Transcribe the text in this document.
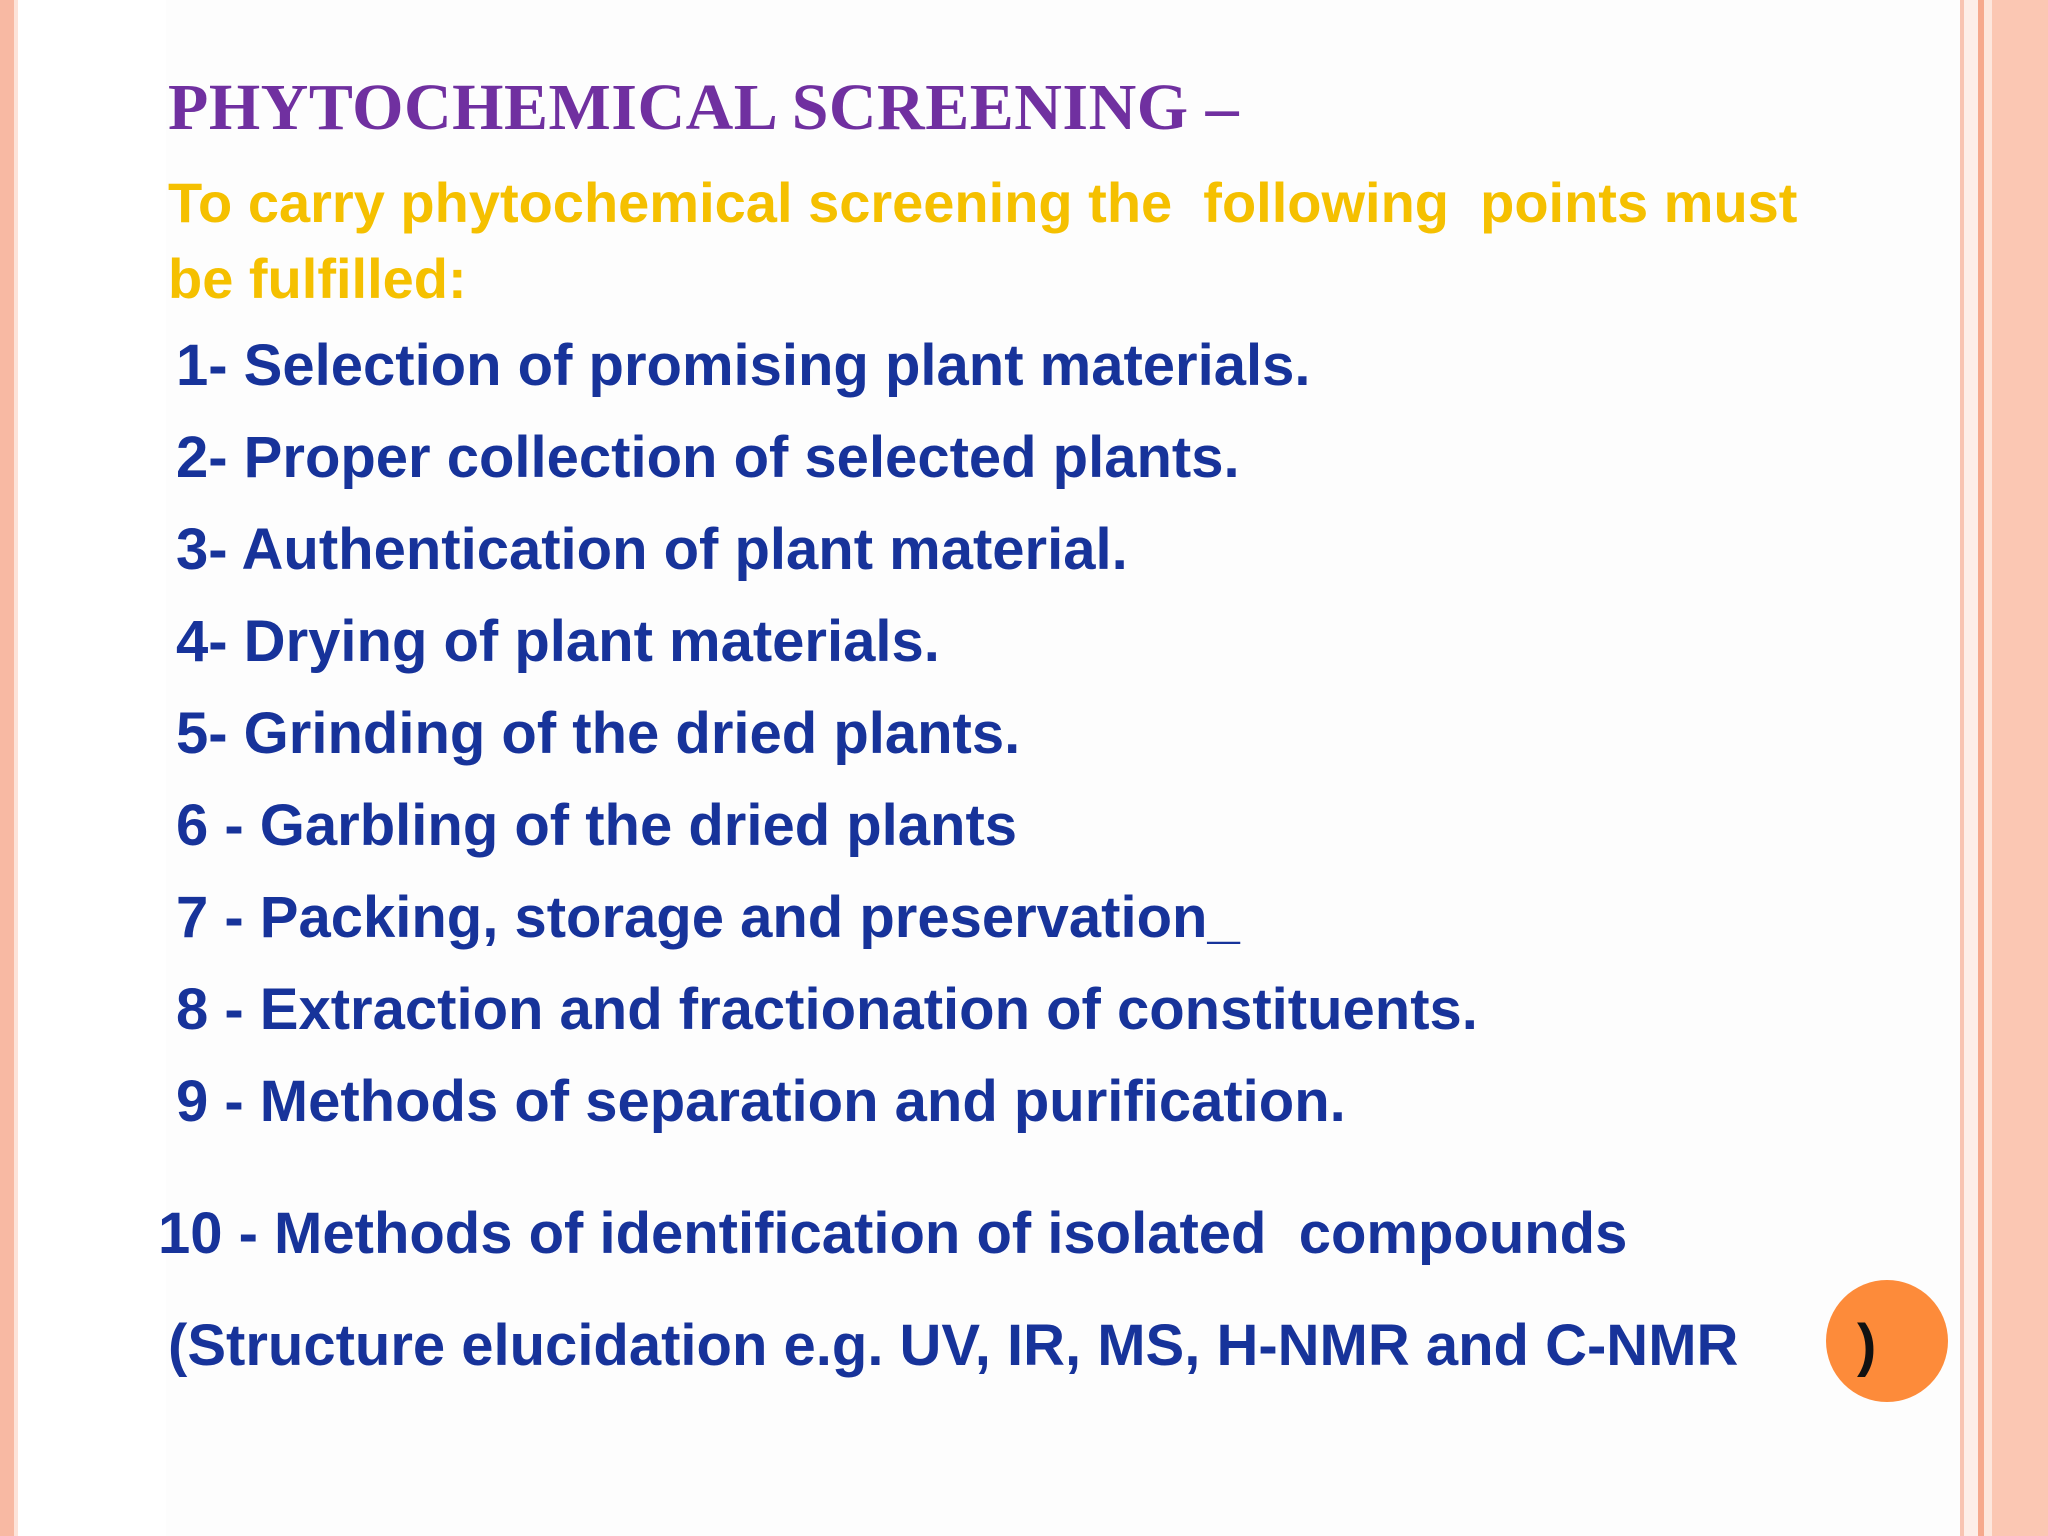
PHYTOCHEMICAL SCREENING –

To carry phytochemical screening the  following  points must   be fulfilled:

1- Selection of promising plant materials.

2- Proper collection of selected plants.

3- Authentication of plant material.

4- Drying of plant materials.

5- Grinding of the dried plants.

6 - Garbling of the dried plants

7 - Packing, storage and preservation_

8 - Extraction and fractionation of constituents.

9 - Methods of separation and purification.

10 - Methods of identification of isolated  compounds

(Structure elucidation e.g. UV, IR, MS, H-NMR and C-NMR )
